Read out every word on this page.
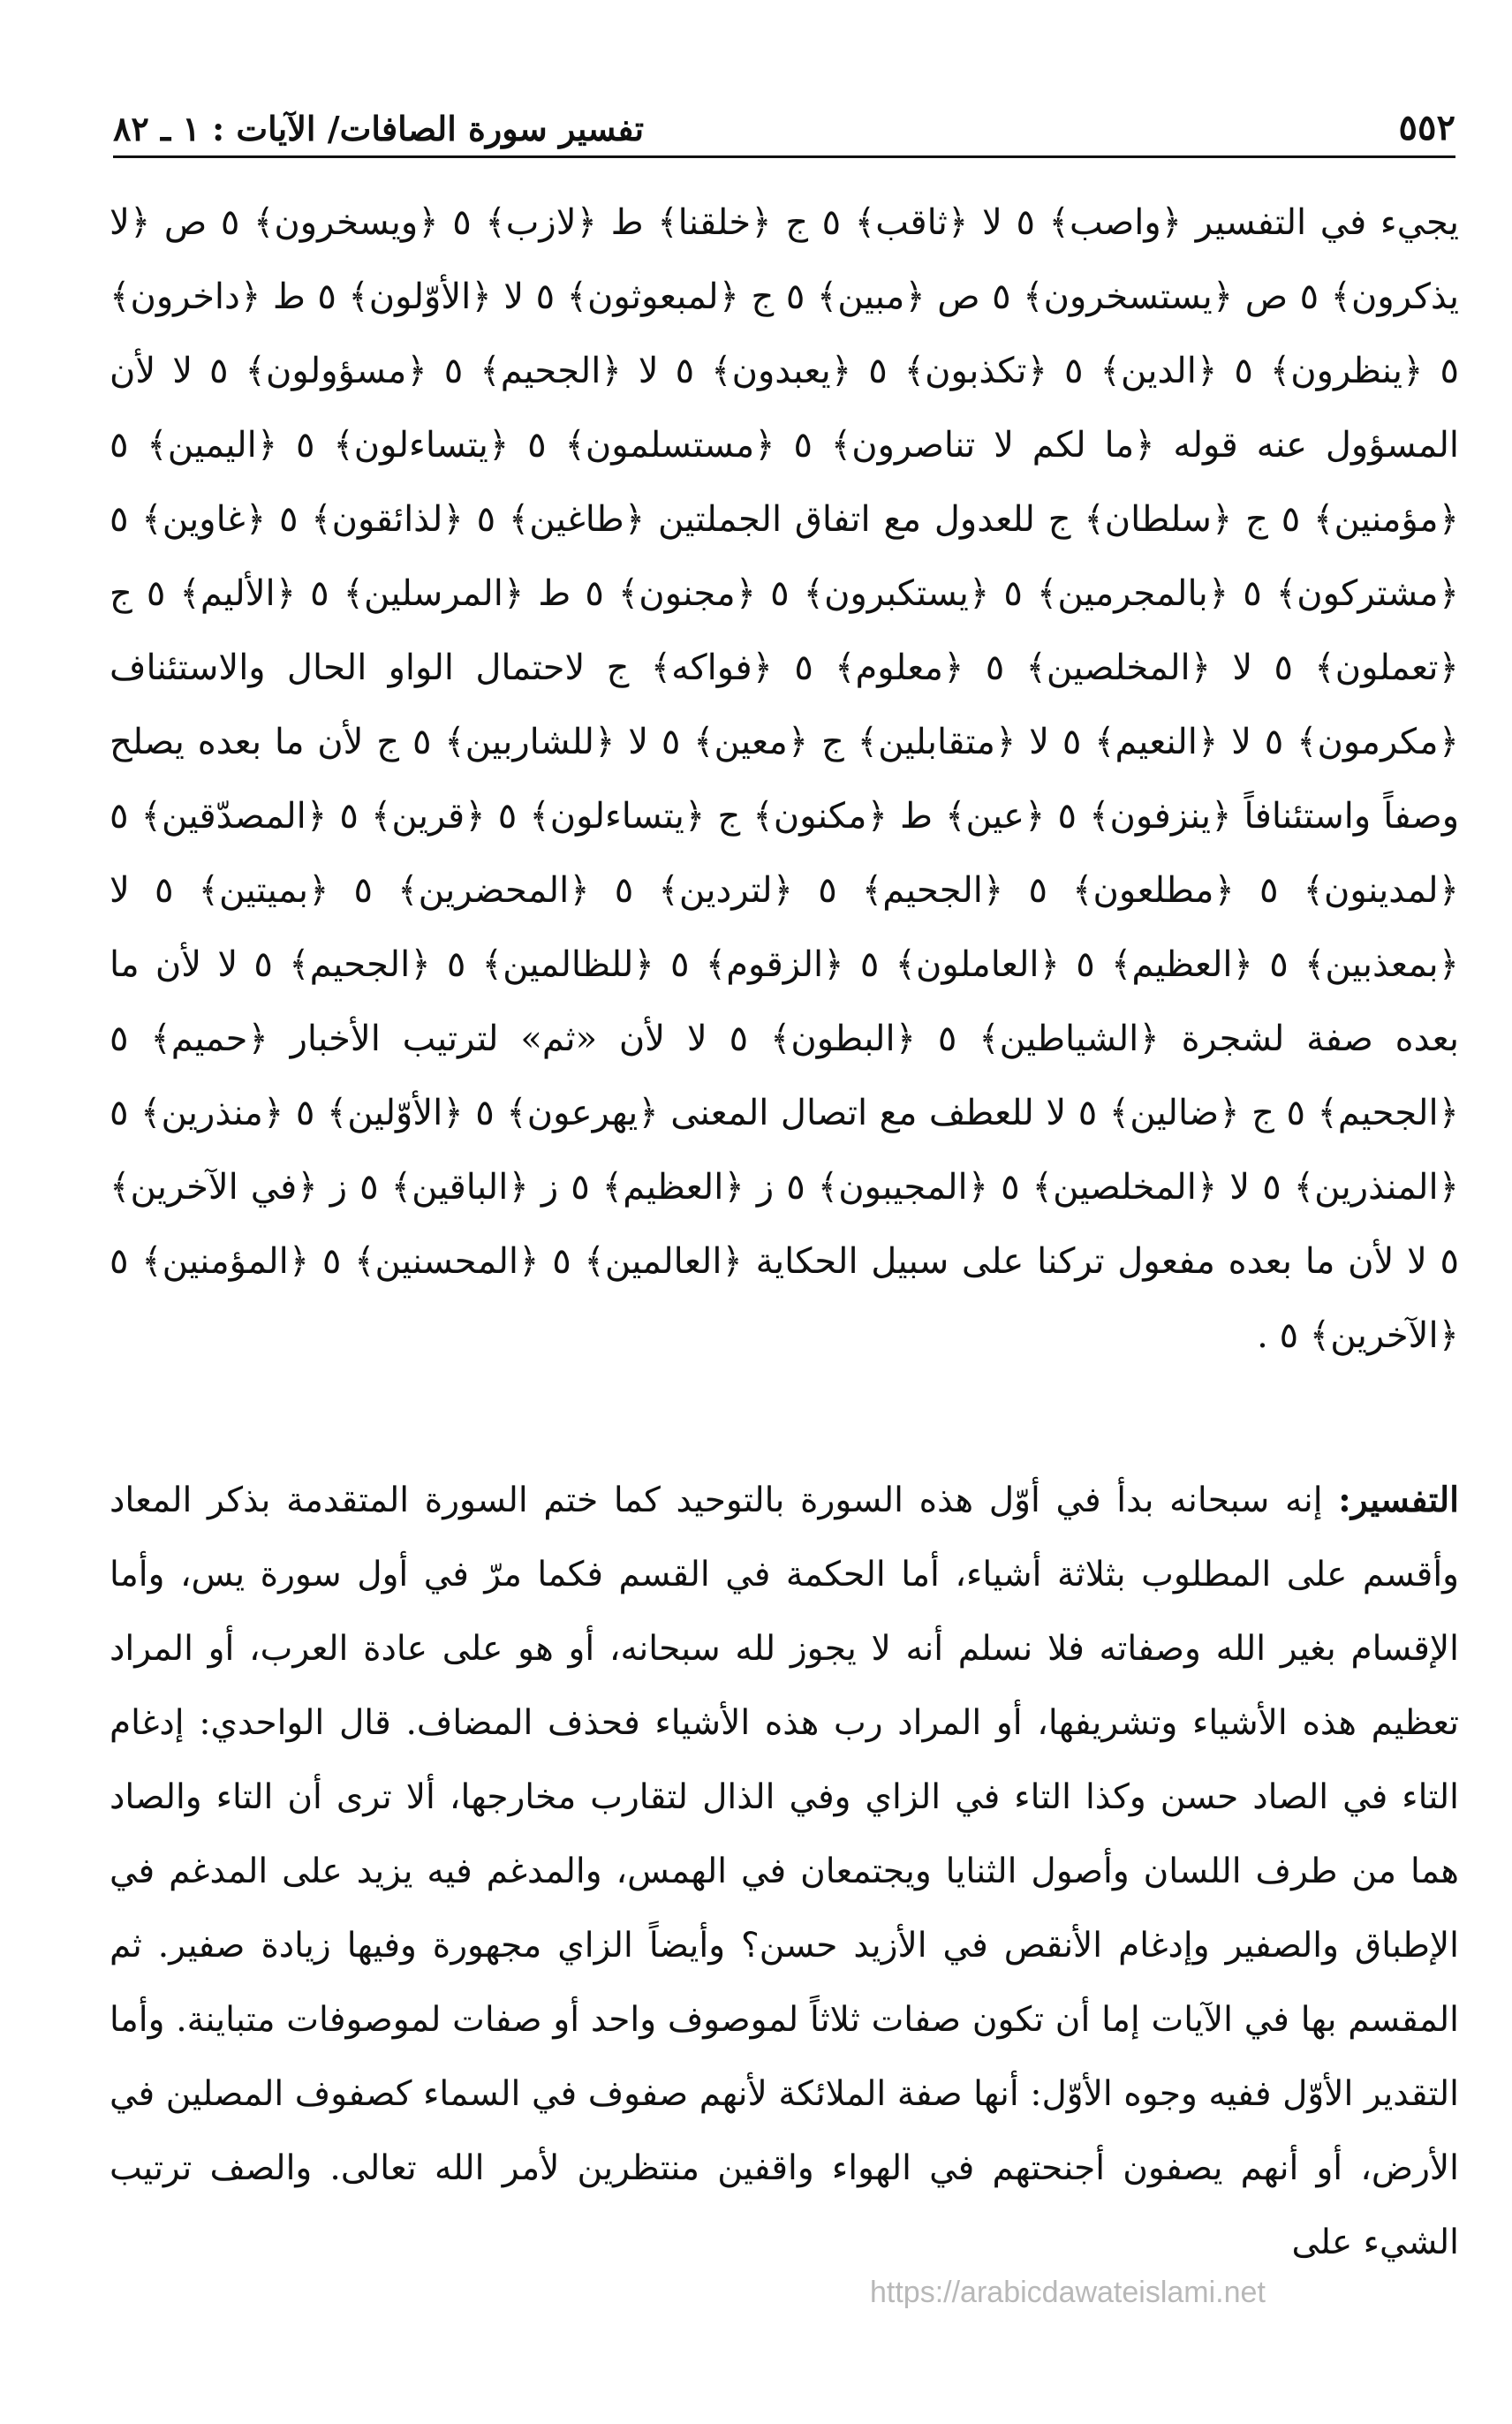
٥٥٢
تفسير سورة الصافات/ الآيات : ١ ـ ٨٢

يجيء في التفسير ﴿واصب﴾ ٥ لا ﴿ثاقب﴾ ٥ ج ﴿خلقنا﴾ ط ﴿لازب﴾ ٥ ﴿ويسخرون﴾ ٥ ص ﴿لا يذكرون﴾ ٥ ص ﴿يستسخرون﴾ ٥ ص ﴿مبين﴾ ٥ ج ﴿لمبعوثون﴾ ٥ لا ﴿الأوّلون﴾ ٥ ط ﴿داخرون﴾ ٥ ﴿ينظرون﴾ ٥ ﴿الدين﴾ ٥ ﴿تكذبون﴾ ٥ ﴿يعبدون﴾ ٥ لا ﴿الجحيم﴾ ٥ ﴿مسؤولون﴾ ٥ لا لأن المسؤول عنه قوله ﴿ما لكم لا تناصرون﴾ ٥ ﴿مستسلمون﴾ ٥ ﴿يتساءلون﴾ ٥ ﴿اليمين﴾ ٥ ﴿مؤمنين﴾ ٥ ج ﴿سلطان﴾ ج للعدول مع اتفاق الجملتين ﴿طاغين﴾ ٥ ﴿لذائقون﴾ ٥ ﴿غاوين﴾ ٥ ﴿مشتركون﴾ ٥ ﴿بالمجرمين﴾ ٥ ﴿يستكبرون﴾ ٥ ﴿مجنون﴾ ٥ ط ﴿المرسلين﴾ ٥ ﴿الأليم﴾ ٥ ج ﴿تعملون﴾ ٥ لا ﴿المخلصين﴾ ٥ ﴿معلوم﴾ ٥ ﴿فواكه﴾ ج لاحتمال الواو الحال والاستئناف ﴿مكرمون﴾ ٥ لا ﴿النعيم﴾ ٥ لا ﴿متقابلين﴾ ج ﴿معين﴾ ٥ لا ﴿للشاربين﴾ ٥ ج لأن ما بعده يصلح وصفاً واستئنافاً ﴿ينزفون﴾ ٥ ﴿عين﴾ ط ﴿مكنون﴾ ج ﴿يتساءلون﴾ ٥ ﴿قرين﴾ ٥ ﴿المصدّقين﴾ ٥ ﴿لمدينون﴾ ٥ ﴿مطلعون﴾ ٥ ﴿الجحيم﴾ ٥ ﴿لتردين﴾ ٥ ﴿المحضرين﴾ ٥ ﴿بميتين﴾ ٥ لا ﴿بمعذبين﴾ ٥ ﴿العظيم﴾ ٥ ﴿العاملون﴾ ٥ ﴿الزقوم﴾ ٥ ﴿للظالمين﴾ ٥ ﴿الجحيم﴾ ٥ لا لأن ما بعده صفة لشجرة ﴿الشياطين﴾ ٥ ﴿البطون﴾ ٥ لا لأن «ثم» لترتيب الأخبار ﴿حميم﴾ ٥ ﴿الجحيم﴾ ٥ ج ﴿ضالين﴾ ٥ لا للعطف مع اتصال المعنى ﴿يهرعون﴾ ٥ ﴿الأوّلين﴾ ٥ ﴿منذرين﴾ ٥ ﴿المنذرين﴾ ٥ لا ﴿المخلصين﴾ ٥ ﴿المجيبون﴾ ٥ ز ﴿العظيم﴾ ٥ ز ﴿الباقين﴾ ٥ ز ﴿في الآخرين﴾ ٥ لا لأن ما بعده مفعول تركنا على سبيل الحكاية ﴿العالمين﴾ ٥ ﴿المحسنين﴾ ٥ ﴿المؤمنين﴾ ٥ ﴿الآخرين﴾ ٥ .

التفسير: إنه سبحانه بدأ في أوّل هذه السورة بالتوحيد كما ختم السورة المتقدمة بذكر المعاد وأقسم على المطلوب بثلاثة أشياء، أما الحكمة في القسم فكما مرّ في أول سورة يس، وأما الإقسام بغير الله وصفاته فلا نسلم أنه لا يجوز لله سبحانه، أو هو على عادة العرب، أو المراد تعظيم هذه الأشياء وتشريفها، أو المراد رب هذه الأشياء فحذف المضاف. قال الواحدي: إدغام التاء في الصاد حسن وكذا التاء في الزاي وفي الذال لتقارب مخارجها، ألا ترى أن التاء والصاد هما من طرف اللسان وأصول الثنايا ويجتمعان في الهمس، والمدغم فيه يزيد على المدغم في الإطباق والصفير وإدغام الأنقص في الأزيد حسن؟ وأيضاً الزاي مجهورة وفيها زيادة صفير. ثم المقسم بها في الآيات إما أن تكون صفات ثلاثاً لموصوف واحد أو صفات لموصوفات متباينة. وأما التقدير الأوّل ففيه وجوه الأوّل: أنها صفة الملائكة لأنهم صفوف في السماء كصفوف المصلين في الأرض، أو أنهم يصفون أجنحتهم في الهواء واقفين منتظرين لأمر الله تعالى. والصف ترتيب الشيء على

https://arabicdawateislami.net
